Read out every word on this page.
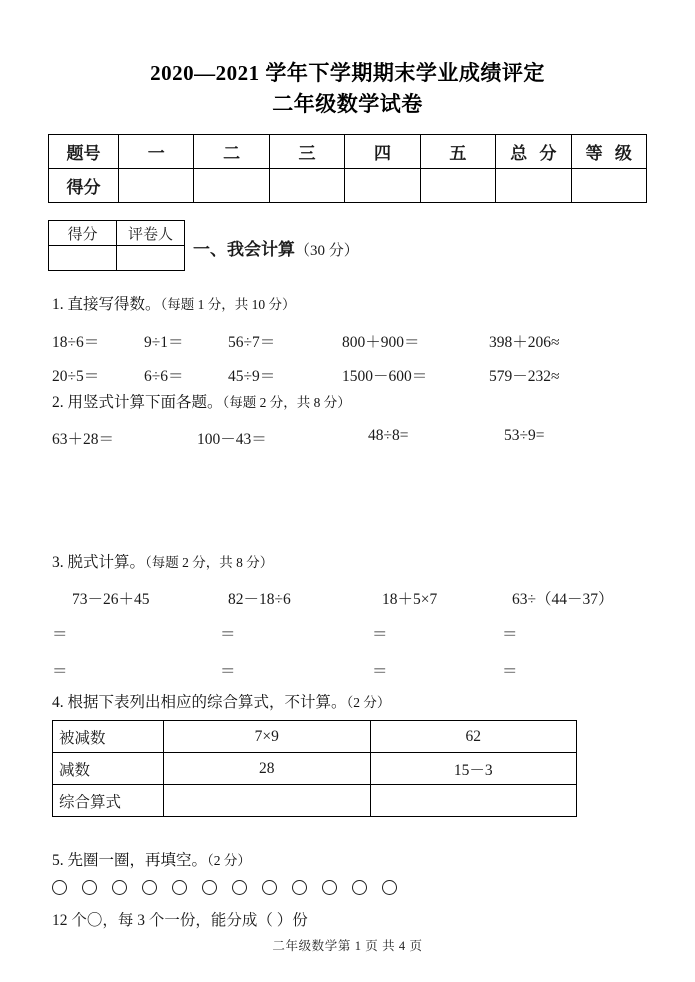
2020—2021 学年下学期期末学业成绩评定
二年级数学试卷
题号	一	二	三	四	五	总 分	等 级
得分							
得分	评卷人

一、我会计算（30 分）
1. 直接写得数。（每题 1 分，共 10 分）
18÷6＝	9÷1＝	56÷7＝	800＋900＝	398＋206≈
20÷5＝	6÷6＝	45÷9＝	1500－600＝	579－232≈
2. 用竖式计算下面各题。（每题 2 分，共 8 分）
63＋28＝	100－43＝	48÷8=	53÷9=
3. 脱式计算。（每题 2 分，共 8 分）
73－26＋45	82－18÷6	18＋5×7	63÷（44－37）
＝	＝	＝	＝
＝	＝	＝	＝
4. 根据下表列出相应的综合算式，不计算。（2 分）
被减数	7×9	62
减数	28	15－3
综合算式		
5. 先圈一圈，再填空。（2 分）
12 个〇，每 3 个一份，能分成（ ）份
二年级数学第 1 页 共 4 页
